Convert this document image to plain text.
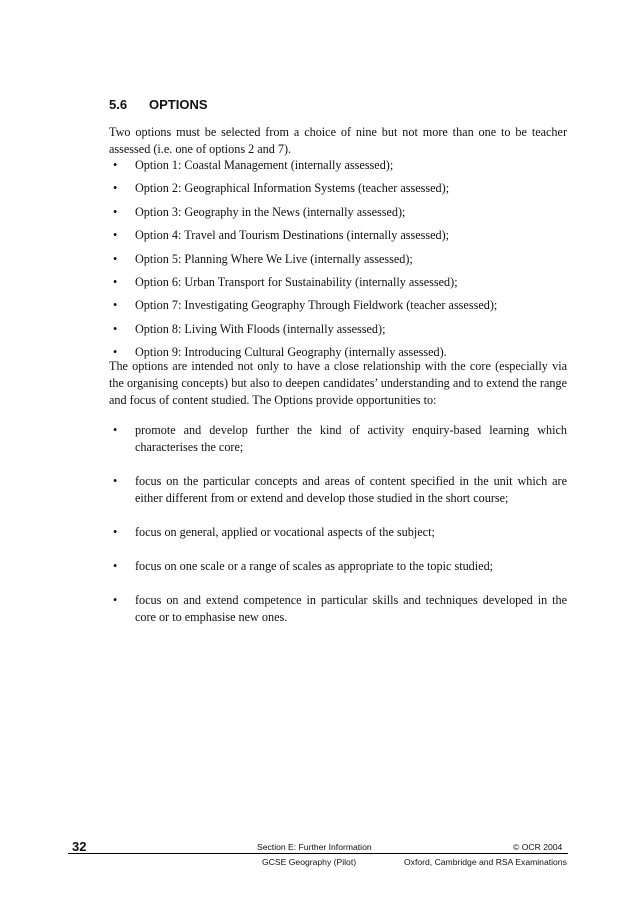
5.6 OPTIONS
Two options must be selected from a choice of nine but not more than one to be teacher assessed (i.e. one of options 2 and 7).
• Option 1: Coastal Management (internally assessed);
• Option 2: Geographical Information Systems (teacher assessed);
• Option 3: Geography in the News (internally assessed);
• Option 4: Travel and Tourism Destinations (internally assessed);
• Option 5: Planning Where We Live (internally assessed);
• Option 6: Urban Transport for Sustainability (internally assessed);
• Option 7: Investigating Geography Through Fieldwork (teacher assessed);
• Option 8: Living With Floods (internally assessed);
• Option 9: Introducing Cultural Geography (internally assessed).
The options are intended not only to have a close relationship with the core (especially via the organising concepts) but also to deepen candidates’ understanding and to extend the range and focus of content studied. The Options provide opportunities to:
• promote and develop further the kind of activity enquiry-based learning which characterises the core;
• focus on the particular concepts and areas of content specified in the unit which are either different from or extend and develop those studied in the short course;
• focus on general, applied or vocational aspects of the subject;
• focus on one scale or a range of scales as appropriate to the topic studied;
• focus on and extend competence in particular skills and techniques developed in the core or to emphasise new ones.
32	Section E: Further Information	© OCR 2004
GCSE Geography (Pilot)	Oxford, Cambridge and RSA Examinations
